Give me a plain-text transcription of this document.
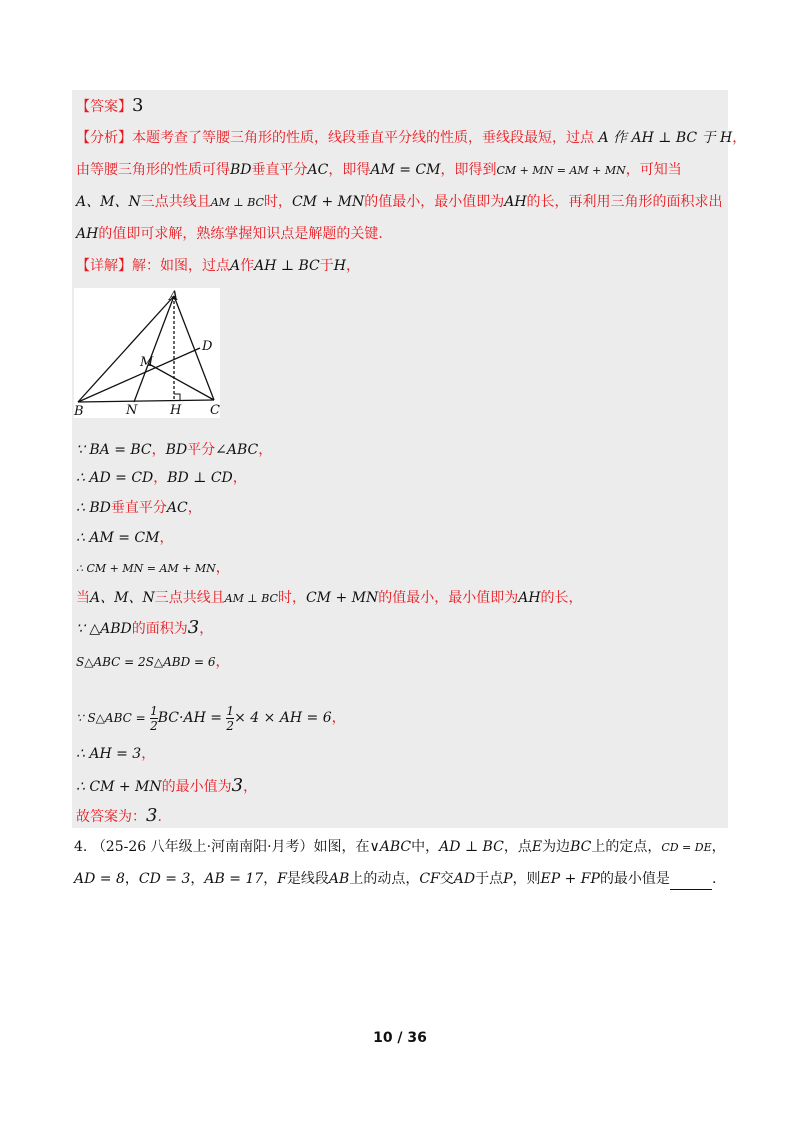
【答案】3
【分析】本题考查了等腰三角形的性质，线段垂直平分线的性质，垂线段最短，过点 A 作 AH ⊥ BC 于 H，
由等腰三角形的性质可得BD垂直平分AC，即得AM = CM，即得到CM + MN = AM + MN，可知当
A、M、N三点共线且AM ⊥ BC时，CM + MN的值最小，最小值即为AH的长，再利用三角形的面积求出
AH的值即可求解，熟练掌握知识点是解题的关键.
【详解】解：如图，过点A作AH ⊥ BC于H，
A
D
M
B	N	H C
∵ BA = BC，BD平分∠ABC，
∴ AD = CD，BD ⊥ CD，
∴ BD垂直平分AC，
∴ AM = CM，
∴ CM + MN = AM + MN，
当A、M、N三点共线且AM ⊥ BC时，CM + MN的值最小，最小值即为AH的长，
∵ △ABD的面积为3，
S△ABC = 2S△ABD = 6，
∵ S△ABC = $\frac{1}{2} BC\cdot AH = \frac{1}{2} \times 4$ × AH = 6，
∴ AH = 3，
∴ CM + MN的最小值为3，
故答案为：3.
4. （25-26 八年级上·河南南阳·月考）如图，在∨ABC中，AD ⊥ BC，点E为边BC上的定点，CD = DE，
AD = 8，CD = 3，AB = 17，F是线段AB上的动点，CF交AD于点P，则EP + FP的最小值是	.
10 / 36
